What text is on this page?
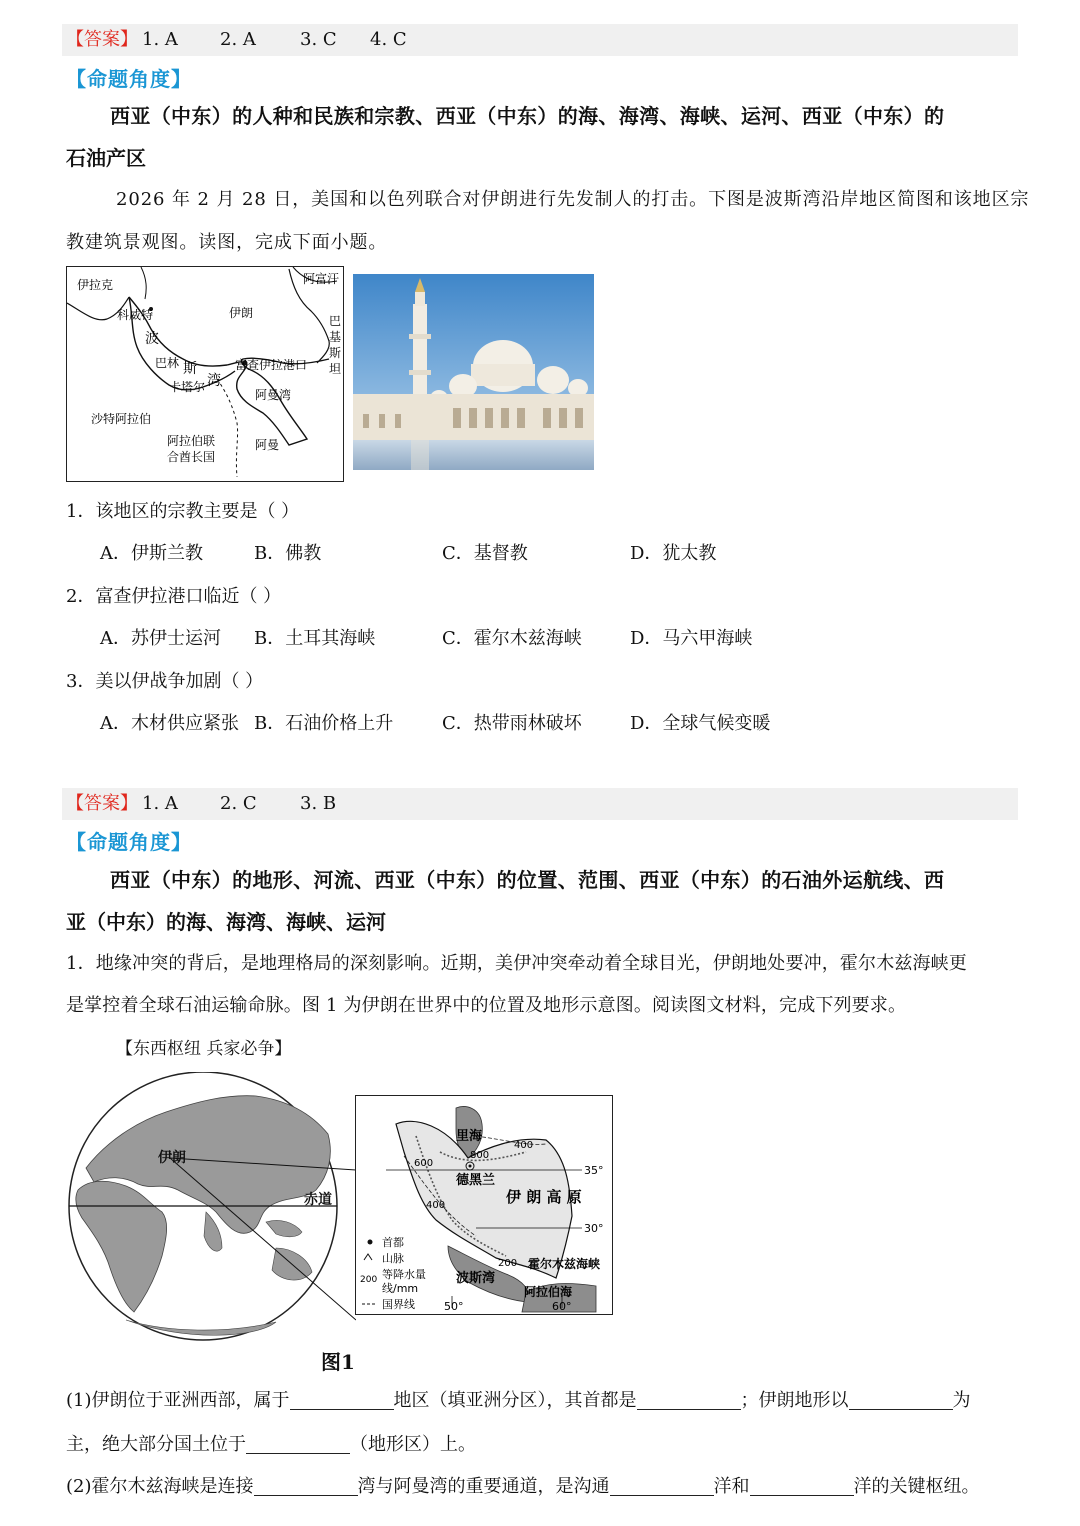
【答案】 1. A 2. A 3. C 4. C
【命题角度】
西亚（中东）的人种和民族和宗教、西亚（中东）的海、海湾、海峡、运河、西亚（中东）的
石油产区
2026 年 2 月 28 日，美国和以色列联合对伊朗进行先发制人的打击。下图是波斯湾沿岸地区简图和该地区宗
教建筑景观图。读图，完成下面小题。
伊拉克	阿富汗
科威特	伊朗
波
巴
基
斯
坦
巴林 斯
卡塔尔 湾
富查伊拉港口
阿曼湾
沙特阿拉伯
阿拉伯联
合酋长国
阿曼
1．该地区的宗教主要是（ ）
A．伊斯兰教	B．佛教	C．基督教	D．犹太教
2．富查伊拉港口临近（ ）
A．苏伊士运河 B．土耳其海峡	C．霍尔木兹海峡	D．马六甲海峡
3．美以伊战争加剧（ ）
A．木材供应紧张 B．石油价格上升	C．热带雨林破坏	D．全球气候变暖
【答案】 1. A 2. C 3. B
【命题角度】
西亚（中东）的地形、河流、西亚（中东）的位置、范围、西亚（中东）的石油外运航线、西
亚（中东）的海、海湾、海峡、运河
1．地缘冲突的背后，是地理格局的深刻影响。近期，美伊冲突牵动着全球目光，伊朗地处要冲，霍尔木兹海峡更
是掌控着全球石油运输命脉。图 1 为伊朗在世界中的位置及地形示意图。阅读图文材料，完成下列要求。
【东西枢纽 兵家必争】
伊朗
赤道
里海
德黑兰
伊 朗 高 原
波斯湾
霍尔木兹海峡
阿拉伯海
35°
30°
50°	60°
400
800
600
400
200
首都
山脉
200 等降水量
线/mm
国界线
图1
(1)伊朗位于亚洲西部，属于	地区（填亚洲分区），其首都是	；伊朗地形以	为
主，绝大部分国土位于	（地形区）上。
(2)霍尔木兹海峡是连接	湾与阿曼湾的重要通道，是沟通	洋和	洋的关键枢纽。
